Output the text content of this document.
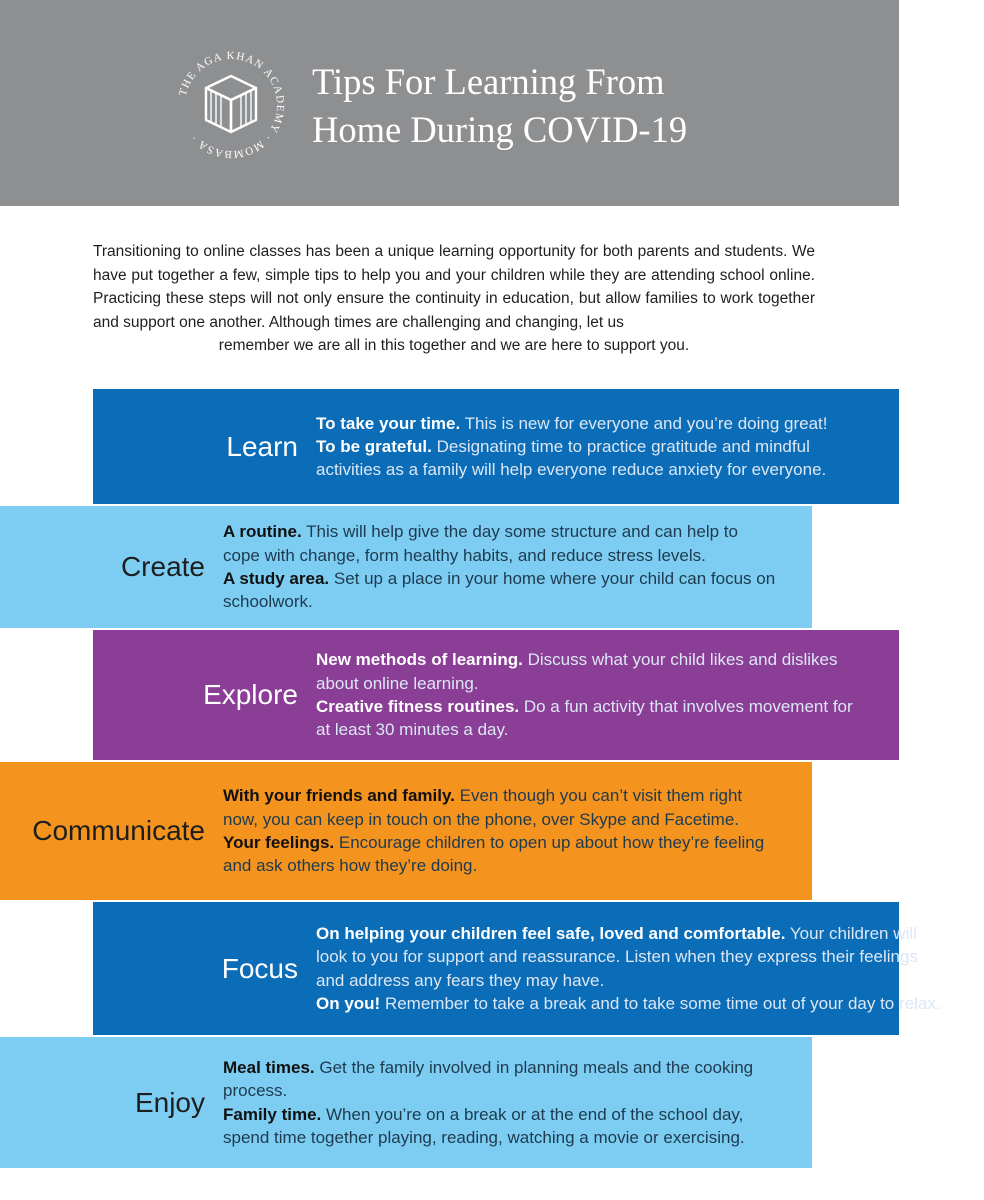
THE AGA KHAN ACADEMY · MOMBASA ·
Tips For Learning From
Home During COVID-19
Transitioning to online classes has been a unique learning opportunity for both parents and students. We have put together a few, simple tips to help you and your children while they are attending school online. Practicing these steps will not only ensure the continuity in education, but allow families to work together and support one another. Although times are challenging and changing, let us
remember we are all in this together and we are here to support you.
Learn

To take your time. This is new for everyone and you’re doing great!

To be grateful. Designating time to practice gratitude and mindful activities as a family will help everyone reduce anxiety for everyone.

Create

A routine. This will help give the day some structure and can help to cope with change, form healthy habits, and reduce stress levels.

A study area. Set up a place in your home where your child can focus on schoolwork.

Explore

New methods of learning. Discuss what your child likes and dislikes about online learning.

Creative fitness routines. Do a fun activity that involves movement for at least 30 minutes a day.

Communicate

With your friends and family. Even though you can’t visit them right now, you can keep in touch on the phone, over Skype and Facetime.

Your feelings. Encourage children to open up about how they’re feeling and ask others how they’re doing.

Focus

On helping your children feel safe, loved and comfortable. Your children will look to you for support and reassurance. Listen when they express their feelings and address any fears they may have.

On you! Remember to take a break and to take some time out of your day to relax.

Enjoy

Meal times. Get the family involved in planning meals and the cooking process.

Family time. When you’re on a break or at the end of the school day, spend time together playing, reading, watching a movie or exercising.
